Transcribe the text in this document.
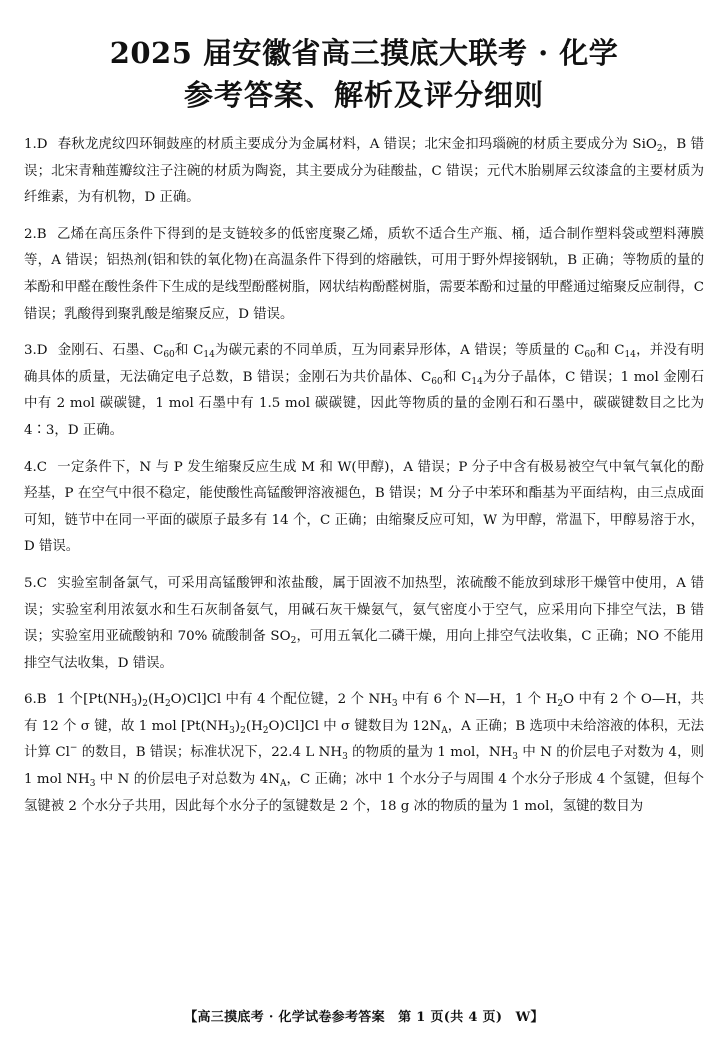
2025 届安徽省高三摸底大联考 · 化学
参考答案、解析及评分细则

1.D 春秋龙虎纹四环铜鼓座的材质主要成分为金属材料，A 错误；北宋金扣玛瑙碗的材质主要成分为 SiO$_2$，B 错误；北宋青釉莲瓣纹注子注碗的材质为陶瓷，其主要成分为硅酸盐，C 错误；元代木胎剔犀云纹漆盒的主要材质为纤维素，为有机物，D 正确。

2.B 乙烯在高压条件下得到的是支链较多的低密度聚乙烯，质软不适合生产瓶、桶，适合制作塑料袋或塑料薄膜等，A 错误；铝热剂(铝和铁的氧化物)在高温条件下得到的熔融铁，可用于野外焊接钢轨，B 正确；等物质的量的苯酚和甲醛在酸性条件下生成的是线型酚醛树脂，网状结构酚醛树脂，需要苯酚和过量的甲醛通过缩聚反应制得，C 错误；乳酸得到聚乳酸是缩聚反应，D 错误。

3.D 金刚石、石墨、$C_{60}$和 $C_{14}$为碳元素的不同单质，互为同素异形体，A 错误；等质量的 $C_{60}$和 $C_{14}$，并没有明确具体的质量，无法确定电子总数，B 错误；金刚石为共价晶体、$C_{60}$和 $C_{14}$为分子晶体，C 错误；1 mol 金刚石中有 2 mol 碳碳键，1 mol 石墨中有 1.5 mol 碳碳键，因此等物质的量的金刚石和石墨中，碳碳键数目之比为 4∶3，D 正确。

4.C 一定条件下，N 与 P 发生缩聚反应生成 M 和 W(甲醇)，A 错误；P 分子中含有极易被空气中氧气氧化的酚羟基，P 在空气中很不稳定，能使酸性高锰酸钾溶液褪色，B 错误；M 分子中苯环和酯基为平面结构，由三点成面可知，链节中在同一平面的碳原子最多有 14 个，C 正确；由缩聚反应可知，W 为甲醇，常温下，甲醇易溶于水，D 错误。

5.C 实验室制备氯气，可采用高锰酸钾和浓盐酸，属于固液不加热型，浓硫酸不能放到球形干燥管中使用，A 错误；实验室利用浓氨水和生石灰制备氨气，用碱石灰干燥氨气，氨气密度小于空气，应采用向下排空气法，B 错误；实验室用亚硫酸钠和 70% 硫酸制备 $SO_2$，可用五氧化二磷干燥，用向上排空气法收集，C 正确；NO 不能用排空气法收集，D 错误。

6.B 1 个$[Pt(NH_3)_2(H_2O)Cl]Cl$ 中有 4 个配位键，2 个 $NH_3$ 中有 6 个 N—H，1 个 $H_2O$ 中有 2 个 O—H，共有 12 个 σ 键，故 1 mol $[Pt(NH_3)_2(H_2O)Cl]Cl$ 中 σ 键数目为 $12N_A$，A 正确；B 选项中未给溶液的体积，无法计算 Cl− 的数目，B 错误；标准状况下，22.4 L $NH_3$ 的物质的量为 1 mol，$NH_3$ 中 N 的价层电子对数为 4，则 1 mol $NH_3$ 中 N 的价层电子对总数为 $4N_A$，C 正确；冰中 1 个水分子与周围 4 个水分子形成 4 个氢键，但每个氢键被 2 个水分子共用，因此每个水分子的氢键数是 2 个，18 g 冰的物质的量为 1 mol，氢键的数目为

【高三摸底考 · 化学试卷参考答案　第 1 页(共 4 页)　W】
